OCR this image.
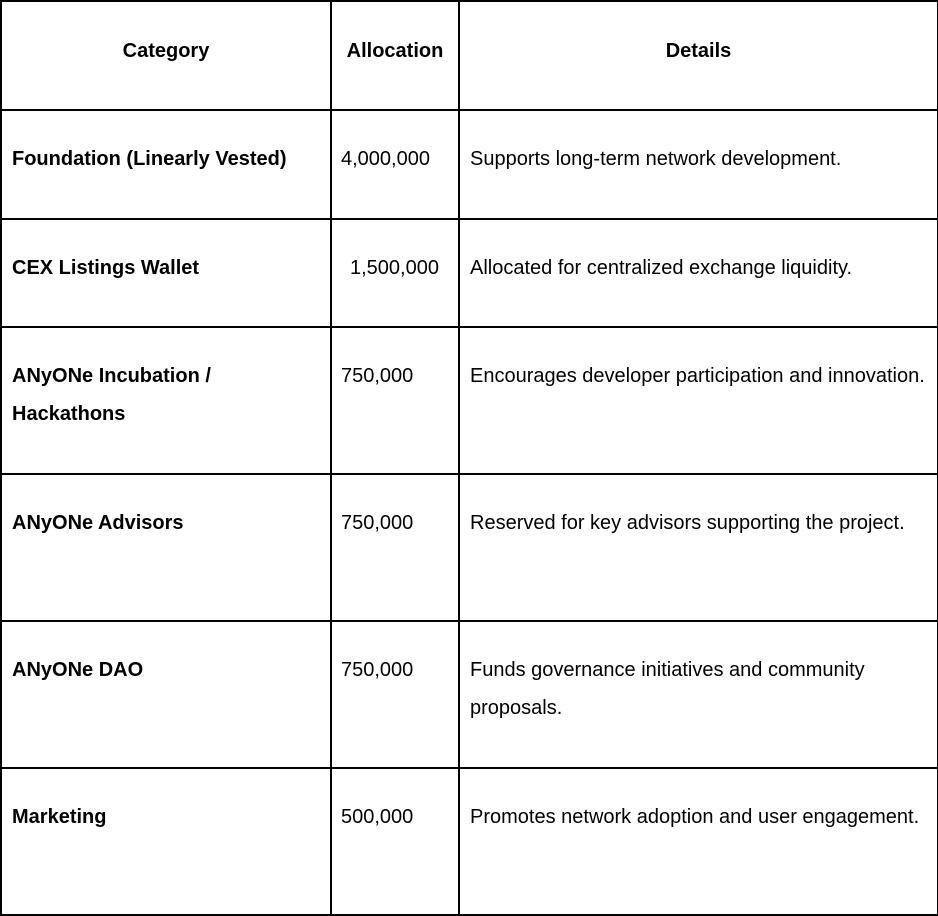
Category	Allocation	Details
Foundation (Linearly Vested)	4,000,000	Supports long-term network development.
CEX Listings Wallet	1,500,000	Allocated for centralized exchange liquidity.
ANyONe Incubation / Hackathons	750,000	Encourages developer participation and innovation.
ANyONe Advisors	750,000	Reserved for key advisors supporting the project.
ANyONe DAO	750,000	Funds governance initiatives and community proposals.
Marketing	500,000	Promotes network adoption and user engagement.
